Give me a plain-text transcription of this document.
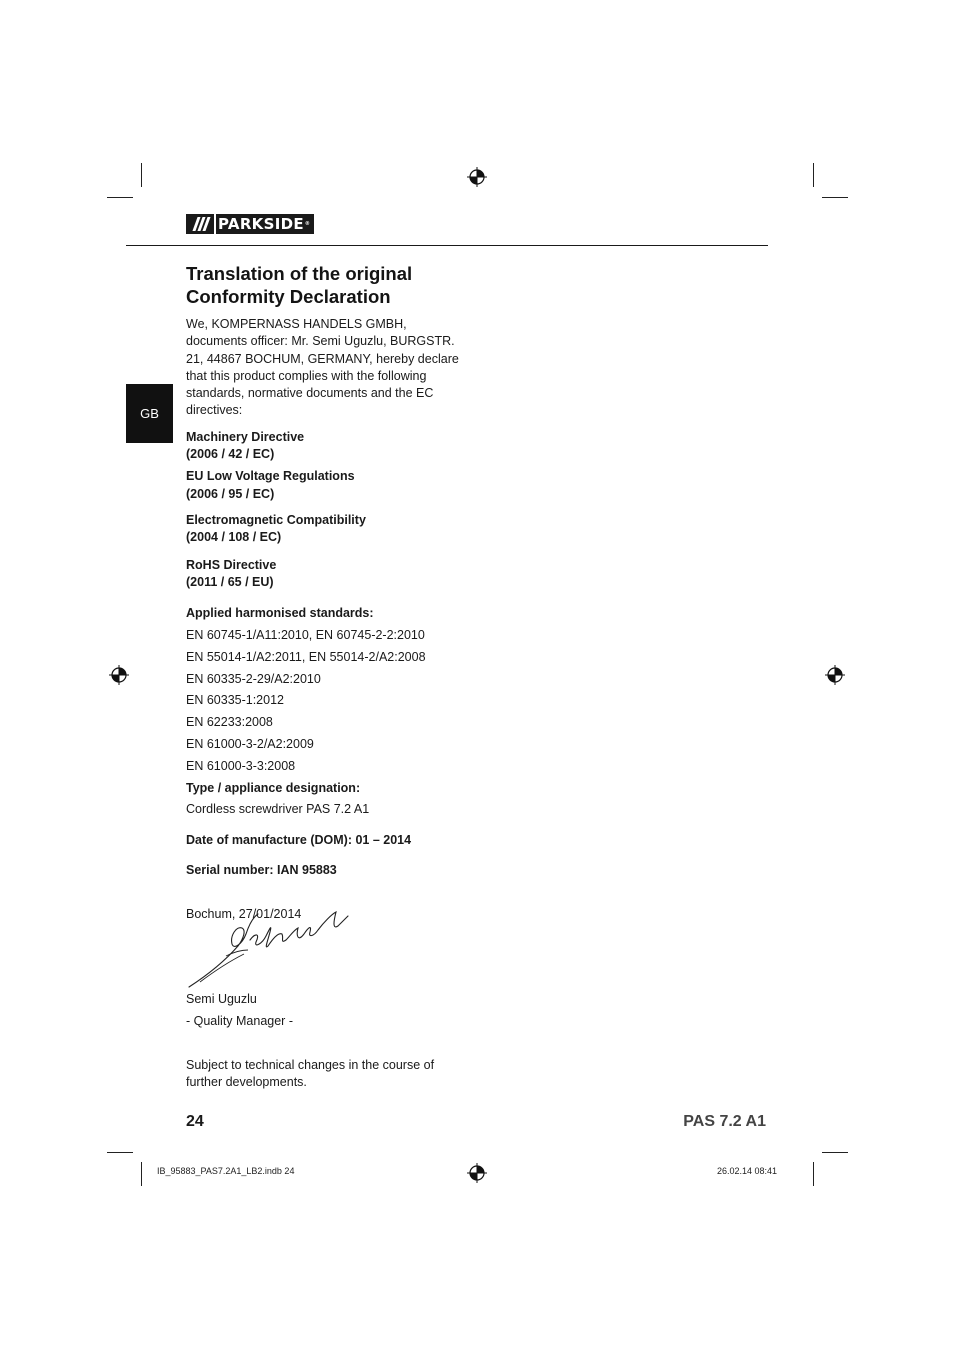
PARKSIDE ®
GB
Translation of the original Conformity Declaration

We, KOMPERNASS HANDELS GMBH, documents officer: Mr. Semi Uguzlu, BURGSTR. 21, 44867 BOCHUM, GERMANY, hereby declare that this product complies with the following standards, normative documents and the EC directives:

Machinery Directive
(2006 / 42 / EC)
EU Low Voltage Regulations
(2006 / 95 / EC)
Electromagnetic Compatibility
(2004 / 108 / EC)
RoHS Directive
(2011 / 65 / EU)
Applied harmonised standards:
EN 60745-1/A11:2010, EN 60745-2-2:2010
EN 55014-1/A2:2011, EN 55014-2/A2:2008
EN 60335-2-29/A2:2010
EN 60335-1:2012
EN 62233:2008
EN 61000-3-2/A2:2009
EN 61000-3-3:2008
Type / appliance designation:
Cordless screwdriver PAS 7.2 A1
Date of manufacture (DOM): 01 – 2014
Serial number: IAN 95883
Bochum, 27/01/2014
Semi Uguzlu
- Quality Manager -
Subject to technical changes in the course of further developments.
24	PAS 7.2 A1
IB_95883_PAS7.2A1_LB2.indb 24	26.02.14 08:41
